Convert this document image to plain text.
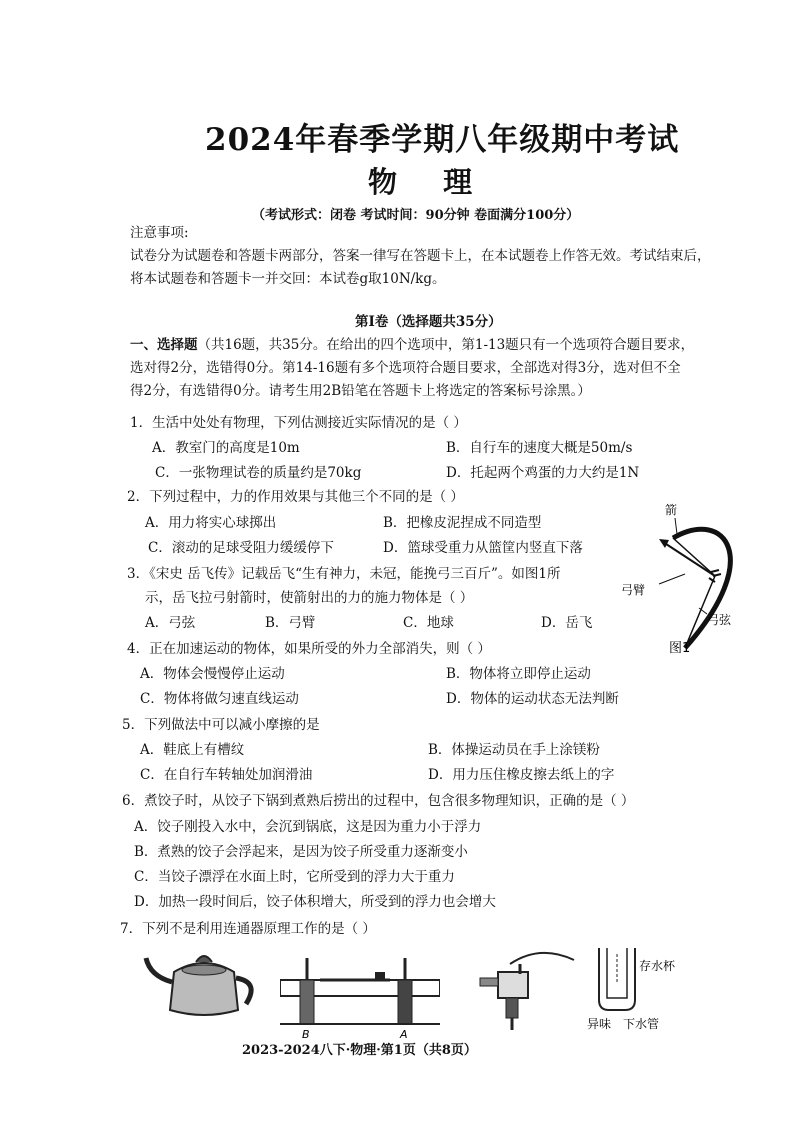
2024年春季学期八年级期中考试
物 理
（考试形式：闭卷 考试时间：90分钟 卷面满分100分）
注意事项:
试卷分为试题卷和答题卡两部分，答案一律写在答题卡上，在本试题卷上作答无效。考试结束后，
将本试题卷和答题卡一并交回：本试卷g取10N/kg。
第Ⅰ卷（选择题共35分）
一、选择题（共16题，共35分。在给出的四个选项中，第1-13题只有一个选项符合题目要求，
选对得2分，选错得0分。第14-16题有多个选项符合题目要求，全部选对得3分，选对但不全
得2分，有选错得0分。请考生用2B铅笔在答题卡上将选定的答案标号涂黑。）
1．生活中处处有物理，下列估测接近实际情况的是（ ）
A．教室门的高度是10m	B．自行车的速度大概是50m/s
C．一张物理试卷的质量约是70kg	D．托起两个鸡蛋的力大约是1N
2．下列过程中，力的作用效果与其他三个不同的是（ ）
A．用力将实心球掷出	B．把橡皮泥捏成不同造型
C．滚动的足球受阻力缓缓停下	D．篮球受重力从篮筐内竖直下落
3．《宋史 岳飞传》记载岳飞“生有神力，未冠，能挽弓三百斤”。如图1所
示，岳飞拉弓射箭时，使箭射出的力的施力物体是（ ）
A．弓弦	B．弓臂	C．地球	D．岳飞
箭
弓臂
弓弦
图1
4．正在加速运动的物体，如果所受的外力全部消失，则（ ）
A．物体会慢慢停止运动	B．物体将立即停止运动
C．物体将做匀速直线运动	D．物体的运动状态无法判断
5．下列做法中可以减小摩擦的是
A．鞋底上有槽纹	B．体操运动员在手上涂镁粉
C．在自行车转轴处加润滑油	D．用力压住橡皮擦去纸上的字
6．煮饺子时，从饺子下锅到煮熟后捞出的过程中，包含很多物理知识，正确的是（ ）
A．饺子刚投入水中，会沉到锅底，这是因为重力小于浮力
B．煮熟的饺子会浮起来，是因为饺子所受重力逐渐变小
C．当饺子漂浮在水面上时，它所受到的浮力大于重力
D．加热一段时间后，饺子体积增大，所受到的浮力也会增大
7．下列不是利用连通器原理工作的是（ ）
B	A
存水杯
异味 下水管
2023-2024八下·物理·第1页（共8页）
